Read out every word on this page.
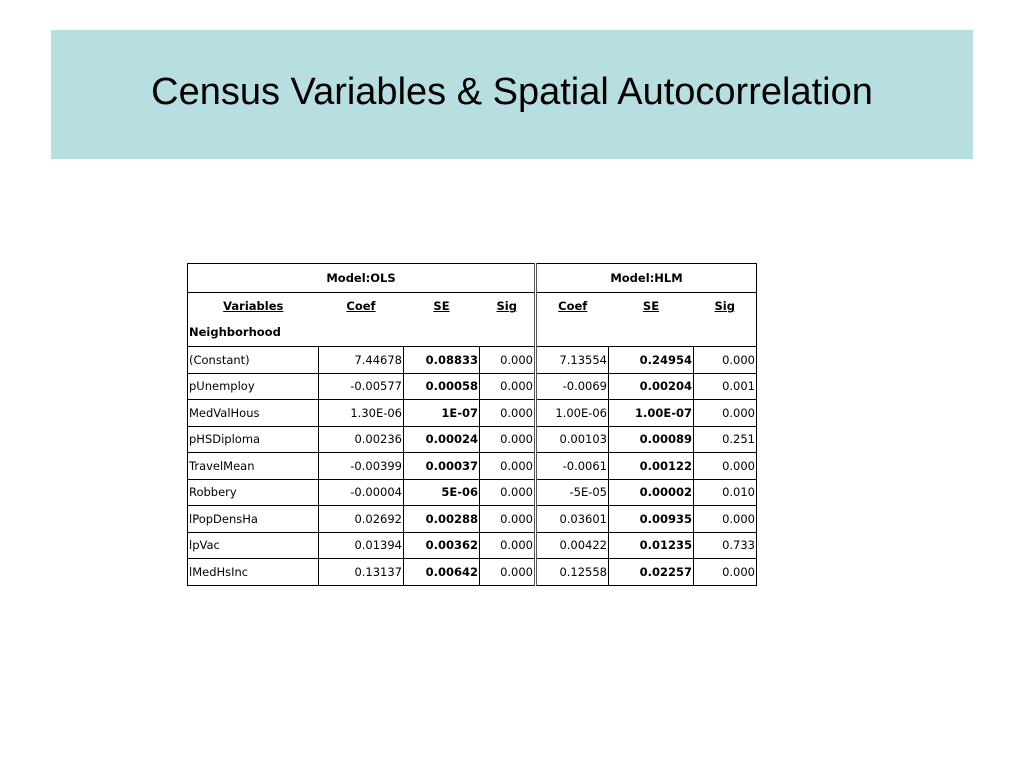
Census Variables & Spatial Autocorrelation
Model:OLS				Model:HLM		
Variables	Coef	SE	Sig	Coef	SE	Sig
Neighborhood						
(Constant)	7.44678	0.08833	0.000	7.13554	0.24954	0.000
pUnemploy	-0.00577	0.00058	0.000	-0.0069	0.00204	0.001
MedValHous	1.30E-06	1E-07	0.000	1.00E-06	1.00E-07	0.000
pHSDiploma	0.00236	0.00024	0.000	0.00103	0.00089	0.251
TravelMean	-0.00399	0.00037	0.000	-0.0061	0.00122	0.000
Robbery	-0.00004	5E-06	0.000	-5E-05	0.00002	0.010
lPopDensHa	0.02692	0.00288	0.000	0.03601	0.00935	0.000
lpVac	0.01394	0.00362	0.000	0.00422	0.01235	0.733
lMedHsInc	0.13137	0.00642	0.000	0.12558	0.02257	0.000
